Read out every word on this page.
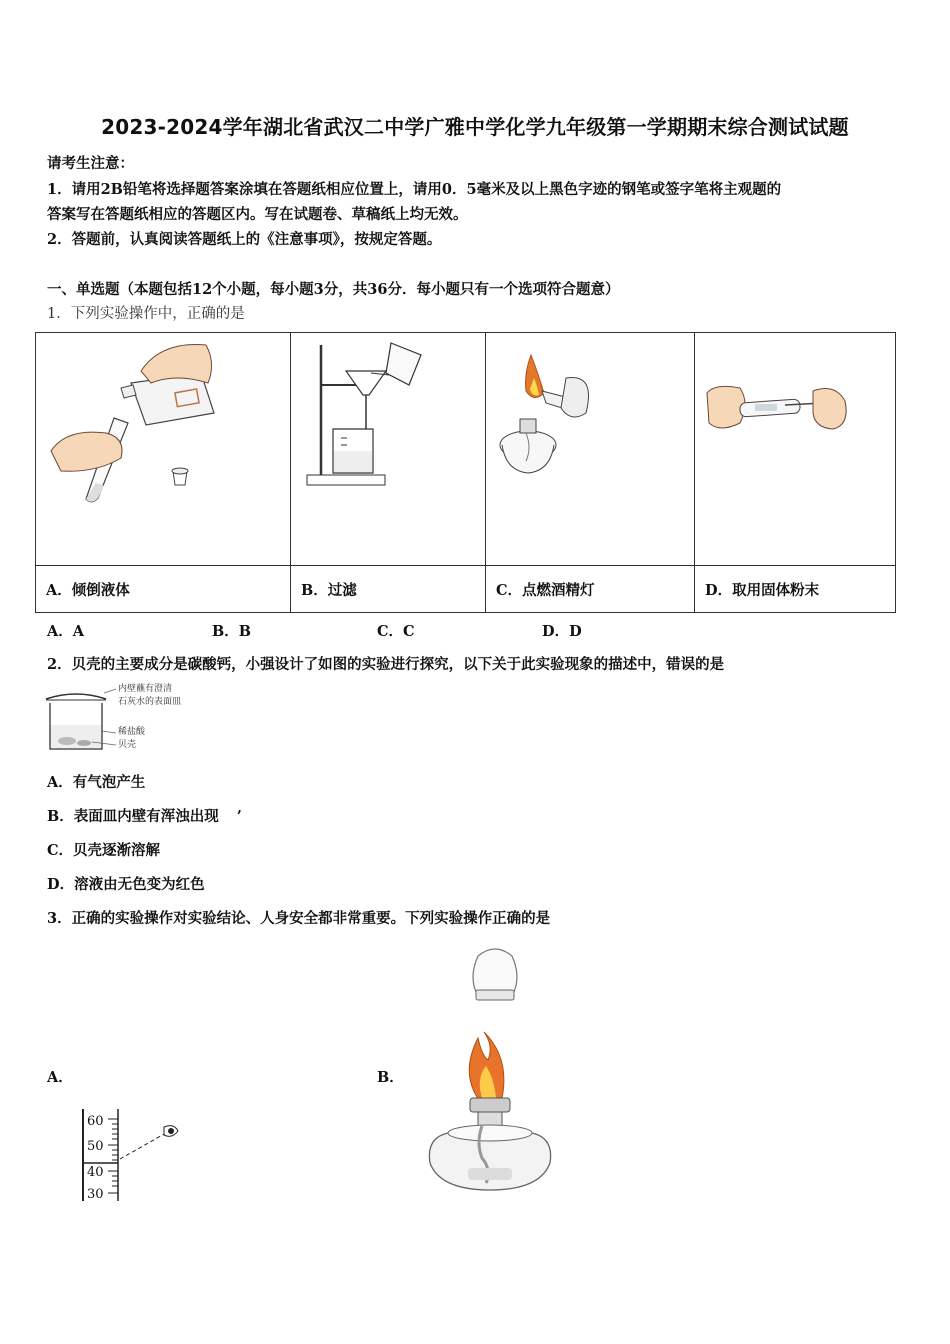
2023-2024学年湖北省武汉二中学广雅中学化学九年级第一学期期末综合测试试题
请考生注意：
1．请用2B铅笔将选择题答案涂填在答题纸相应位置上，请用0．5毫米及以上黑色字迹的钢笔或签字笔将主观题的
答案写在答题纸相应的答题区内。写在试题卷、草稿纸上均无效。
2．答题前，认真阅读答题纸上的《注意事项》，按规定答题。
一、单选题（本题包括12个小题，每小题3分，共36分．每小题只有一个选项符合题意）
1．下列实验操作中，正确的是

A．倾倒液体	B．过滤	C．点燃酒精灯	D．取用固体粉末
A．A	B．B	C．C	D．D
2．贝壳的主要成分是碳酸钙，小强设计了如图的实验进行探究，以下关于此实验现象的描述中，错误的是
内壁蘸有澄清
石灰水的表面皿
稀盐酸
贝壳
A．有气泡产生
B．表面皿内壁有浑浊出现 ’
C．贝壳逐渐溶解
D．溶液由无色变为红色
3．正确的实验操作对实验结论、人身安全都非常重要。下列实验操作正确的是
A．	B．
60
50
40
30
